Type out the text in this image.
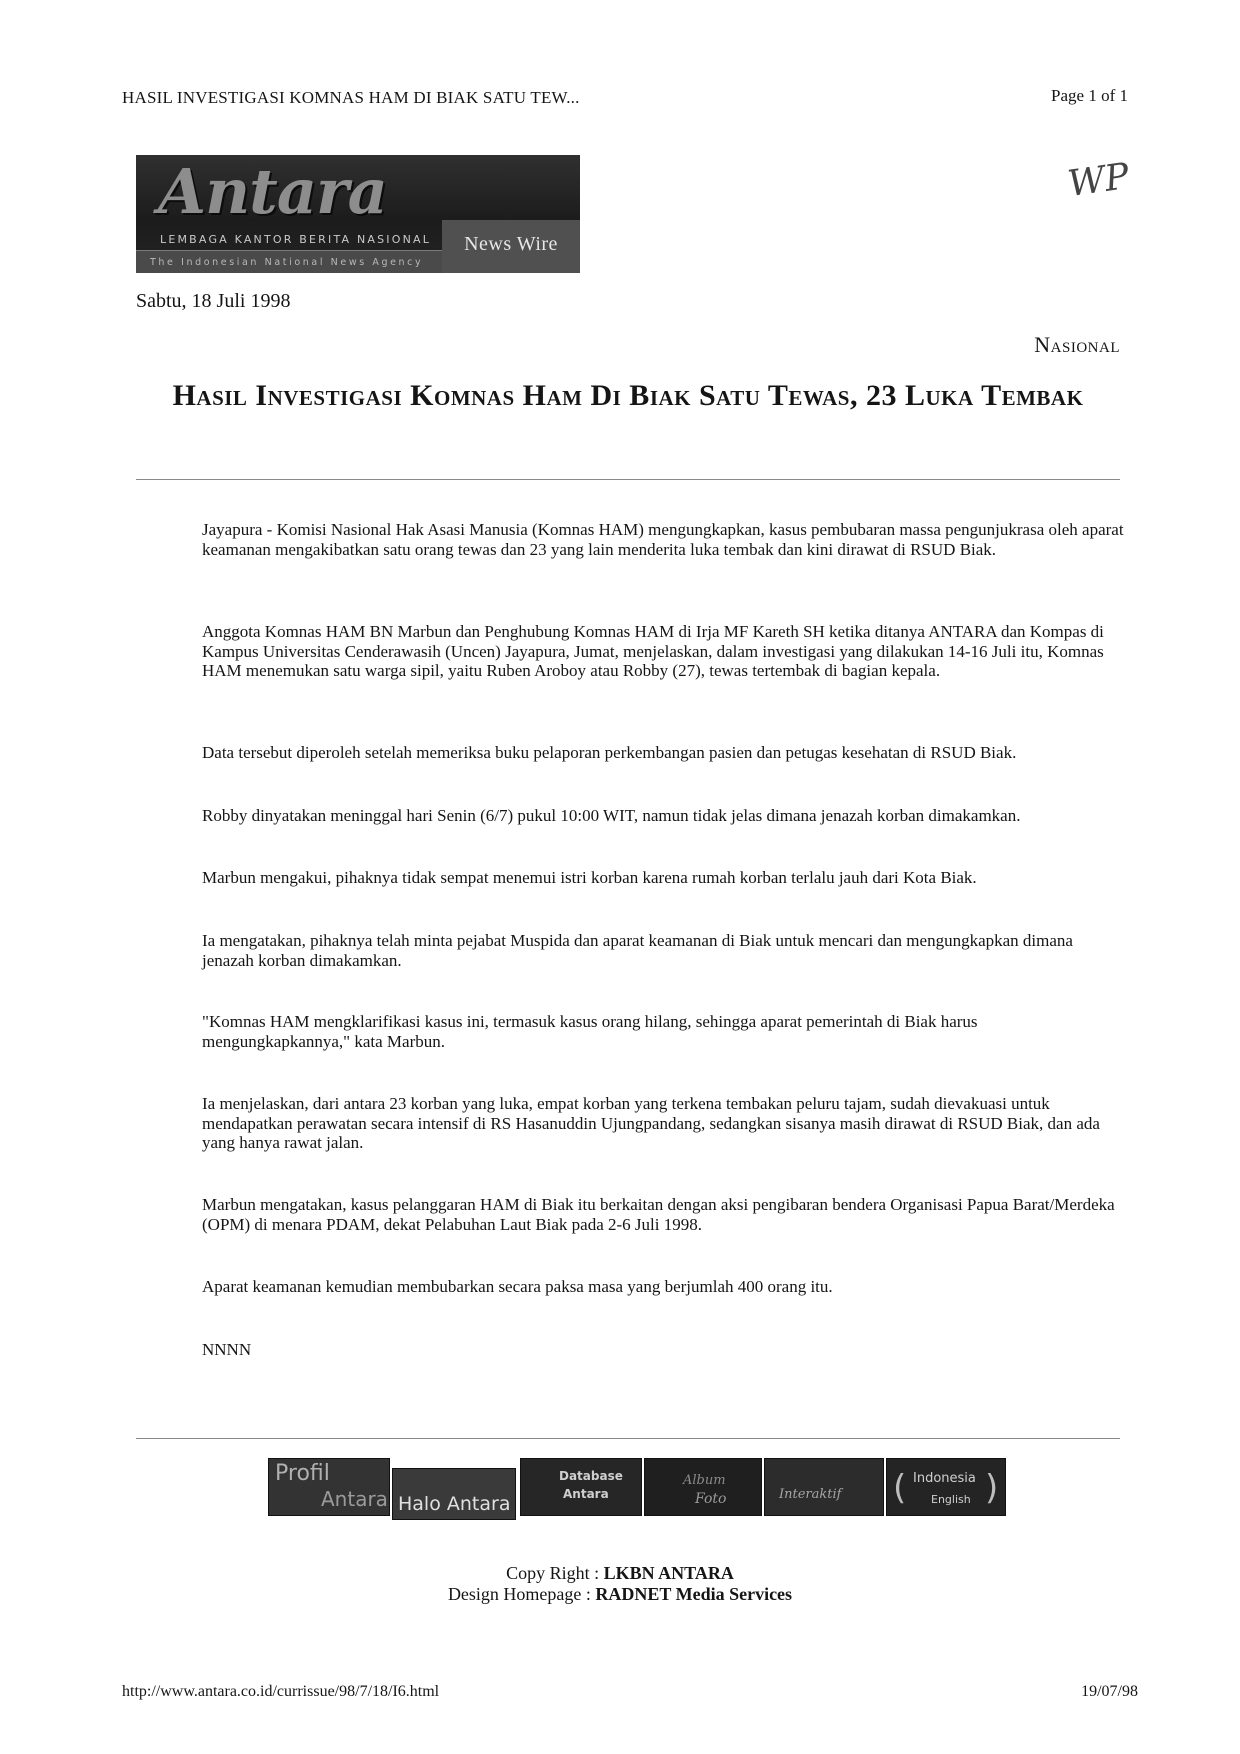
HASIL INVESTIGASI KOMNAS HAM DI BIAK SATU TEW...	Page 1 of 1
Antara
LEMBAGA KANTOR BERITA NASIONAL
The Indonesian National News Agency
News Wire
WP
Sabtu, 18 Juli 1998
Nasional
Hasil Investigasi Komnas Ham Di Biak Satu Tewas, 23 Luka Tembak

Jayapura - Komisi Nasional Hak Asasi Manusia (Komnas HAM) mengungkapkan, kasus pembubaran massa pengunjukrasa oleh aparat keamanan mengakibatkan satu orang tewas dan 23 yang lain menderita luka tembak dan kini dirawat di RSUD Biak.

Anggota Komnas HAM BN Marbun dan Penghubung Komnas HAM di Irja MF Kareth SH ketika ditanya ANTARA dan Kompas di Kampus Universitas Cenderawasih (Uncen) Jayapura, Jumat, menjelaskan, dalam investigasi yang dilakukan 14-16 Juli itu, Komnas HAM menemukan satu warga sipil, yaitu Ruben Aroboy atau Robby (27), tewas tertembak di bagian kepala.

Data tersebut diperoleh setelah memeriksa buku pelaporan perkembangan pasien dan petugas kesehatan di RSUD Biak.

Robby dinyatakan meninggal hari Senin (6/7) pukul 10:00 WIT, namun tidak jelas dimana jenazah korban dimakamkan.

Marbun mengakui, pihaknya tidak sempat menemui istri korban karena rumah korban terlalu jauh dari Kota Biak.

Ia mengatakan, pihaknya telah minta pejabat Muspida dan aparat keamanan di Biak untuk mencari dan mengungkapkan dimana jenazah korban dimakamkan.

"Komnas HAM mengklarifikasi kasus ini, termasuk kasus orang hilang, sehingga aparat pemerintah di Biak harus mengungkapkannya," kata Marbun.

Ia menjelaskan, dari antara 23 korban yang luka, empat korban yang terkena tembakan peluru tajam, sudah dievakuasi untuk mendapatkan perawatan secara intensif di RS Hasanuddin Ujungpandang, sedangkan sisanya masih dirawat di RSUD Biak, dan ada yang hanya rawat jalan.

Marbun mengatakan, kasus pelanggaran HAM di Biak itu berkaitan dengan aksi pengibaran bendera Organisasi Papua Barat/Merdeka (OPM) di menara PDAM, dekat Pelabuhan Laut Biak pada 2-6 Juli 1998.

Aparat keamanan kemudian membubarkan secara paksa masa yang berjumlah 400 orang itu.

NNNN

Profil
Antara Halo Antara
Database
Antara
Album
Foto	Interaktif ( Indonesia
English )
Copy Right : LKBN ANTARA
Design Homepage : RADNET Media Services
http://www.antara.co.id/currissue/98/7/18/I6.html	19/07/98
